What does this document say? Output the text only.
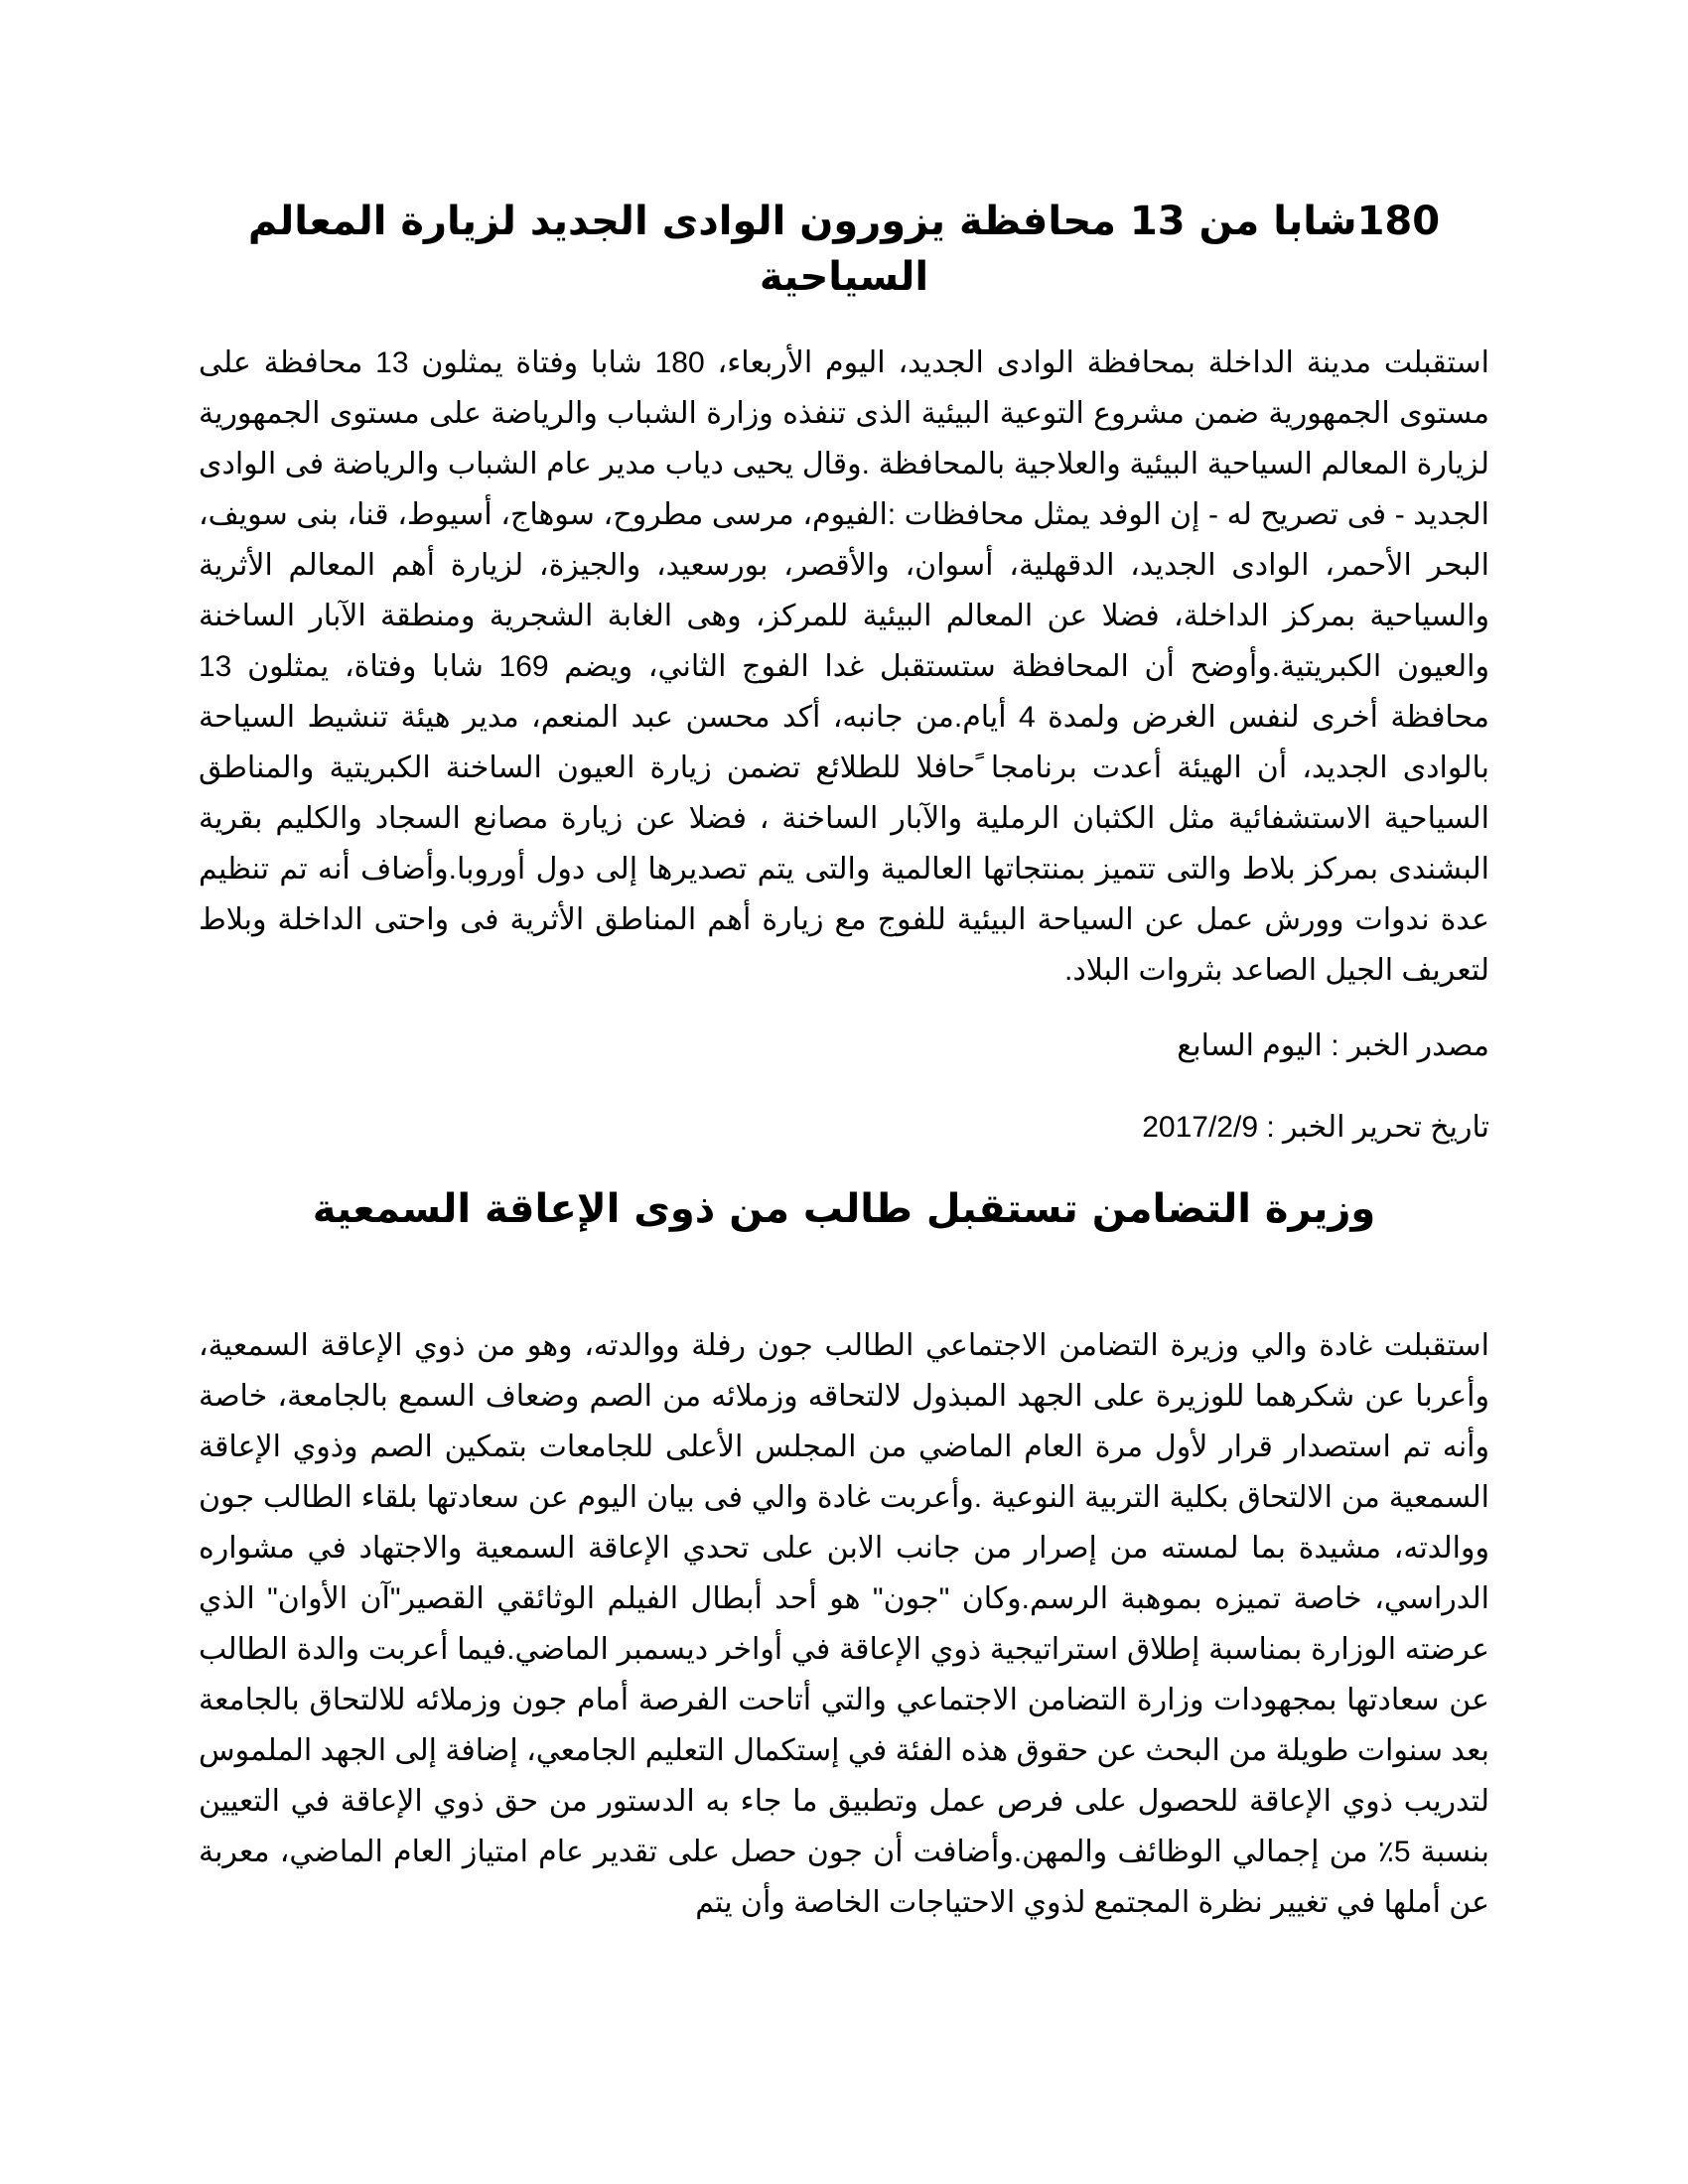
180شابا من 13 محافظة يزورون الوادى الجديد لزيارة المعالم السياحية

استقبلت مدينة الداخلة بمحافظة الوادى الجديد، اليوم الأربعاء، 180 شابا وفتاة يمثلون 13 محافظة على مستوى الجمهورية ضمن مشروع التوعية البيئية الذى تنفذه وزارة الشباب والرياضة على مستوى الجمهورية لزيارة المعالم السياحية البيئية والعلاجية بالمحافظة .وقال يحيى دياب مدير عام الشباب والرياضة فى الوادى الجديد - فى تصريح له - إن الوفد يمثل محافظات :الفيوم، مرسى مطروح، سوهاج، أسيوط، قنا، بنى سويف، البحر الأحمر، الوادى الجديد، الدقهلية، أسوان، والأقصر، بورسعيد، والجيزة، لزيارة أهم المعالم الأثرية والسياحية بمركز الداخلة، فضلا عن المعالم البيئية للمركز، وهى الغابة الشجرية ومنطقة الآبار الساخنة والعيون الكبريتية.وأوضح أن المحافظة ستستقبل غدا الفوج الثاني، ويضم 169 شابا وفتاة، يمثلون 13 محافظة أخرى لنفس الغرض ولمدة 4 أيام.من جانبه، أكد محسن عبد المنعم، مدير هيئة تنشيط السياحة بالوادى الجديد، أن الهيئة أعدت برنامجا ًحافلا للطلائع تضمن زيارة العيون الساخنة الكبريتية والمناطق السياحية الاستشفائية مثل الكثبان الرملية والآبار الساخنة ، فضلا عن زيارة مصانع السجاد والكليم بقرية البشندى بمركز بلاط والتى تتميز بمنتجاتها العالمية والتى يتم تصديرها إلى دول أوروبا.وأضاف أنه تم تنظيم عدة ندوات وورش عمل عن السياحة البيئية للفوج مع زيارة أهم المناطق الأثرية فى واحتى الداخلة وبلاط لتعريف الجيل الصاعد بثروات البلاد.

مصدر الخبر : اليوم السابع

تاريخ تحرير الخبر : 2017/2/9

وزيرة التضامن تستقبل طالب من ذوى الإعاقة السمعية

استقبلت غادة والي وزيرة التضامن الاجتماعي الطالب جون رفلة ووالدته، وهو من ذوي الإعاقة السمعية، وأعربا عن شكرهما للوزيرة على الجهد المبذول لالتحاقه وزملائه من الصم وضعاف السمع بالجامعة، خاصة وأنه تم استصدار قرار لأول مرة العام الماضي من المجلس الأعلى للجامعات بتمكين الصم وذوي الإعاقة السمعية من الالتحاق بكلية التربية النوعية .وأعربت غادة والي فى بيان اليوم عن سعادتها بلقاء الطالب جون ووالدته، مشيدة بما لمسته من إصرار من جانب الابن على تحدي الإعاقة السمعية والاجتهاد في مشواره الدراسي، خاصة تميزه بموهبة الرسم.وكان "جون" هو أحد أبطال الفيلم الوثائقي القصير"آن الأوان" الذي عرضته الوزارة بمناسبة إطلاق استراتيجية ذوي الإعاقة في أواخر ديسمبر الماضي.فيما أعربت والدة الطالب عن سعادتها بمجهودات وزارة التضامن الاجتماعي والتي أتاحت الفرصة أمام جون وزملائه للالتحاق بالجامعة بعد سنوات طويلة من البحث عن حقوق هذه الفئة في إستكمال التعليم الجامعي، إضافة إلى الجهد الملموس لتدريب ذوي الإعاقة للحصول على فرص عمل وتطبيق ما جاء به الدستور من حق ذوي الإعاقة في التعيين بنسبة 5٪ من إجمالي الوظائف والمهن.وأضافت أن جون حصل على تقدير عام امتياز العام الماضي، معربة عن أملها في تغيير نظرة المجتمع لذوي الاحتياجات الخاصة وأن يتم
